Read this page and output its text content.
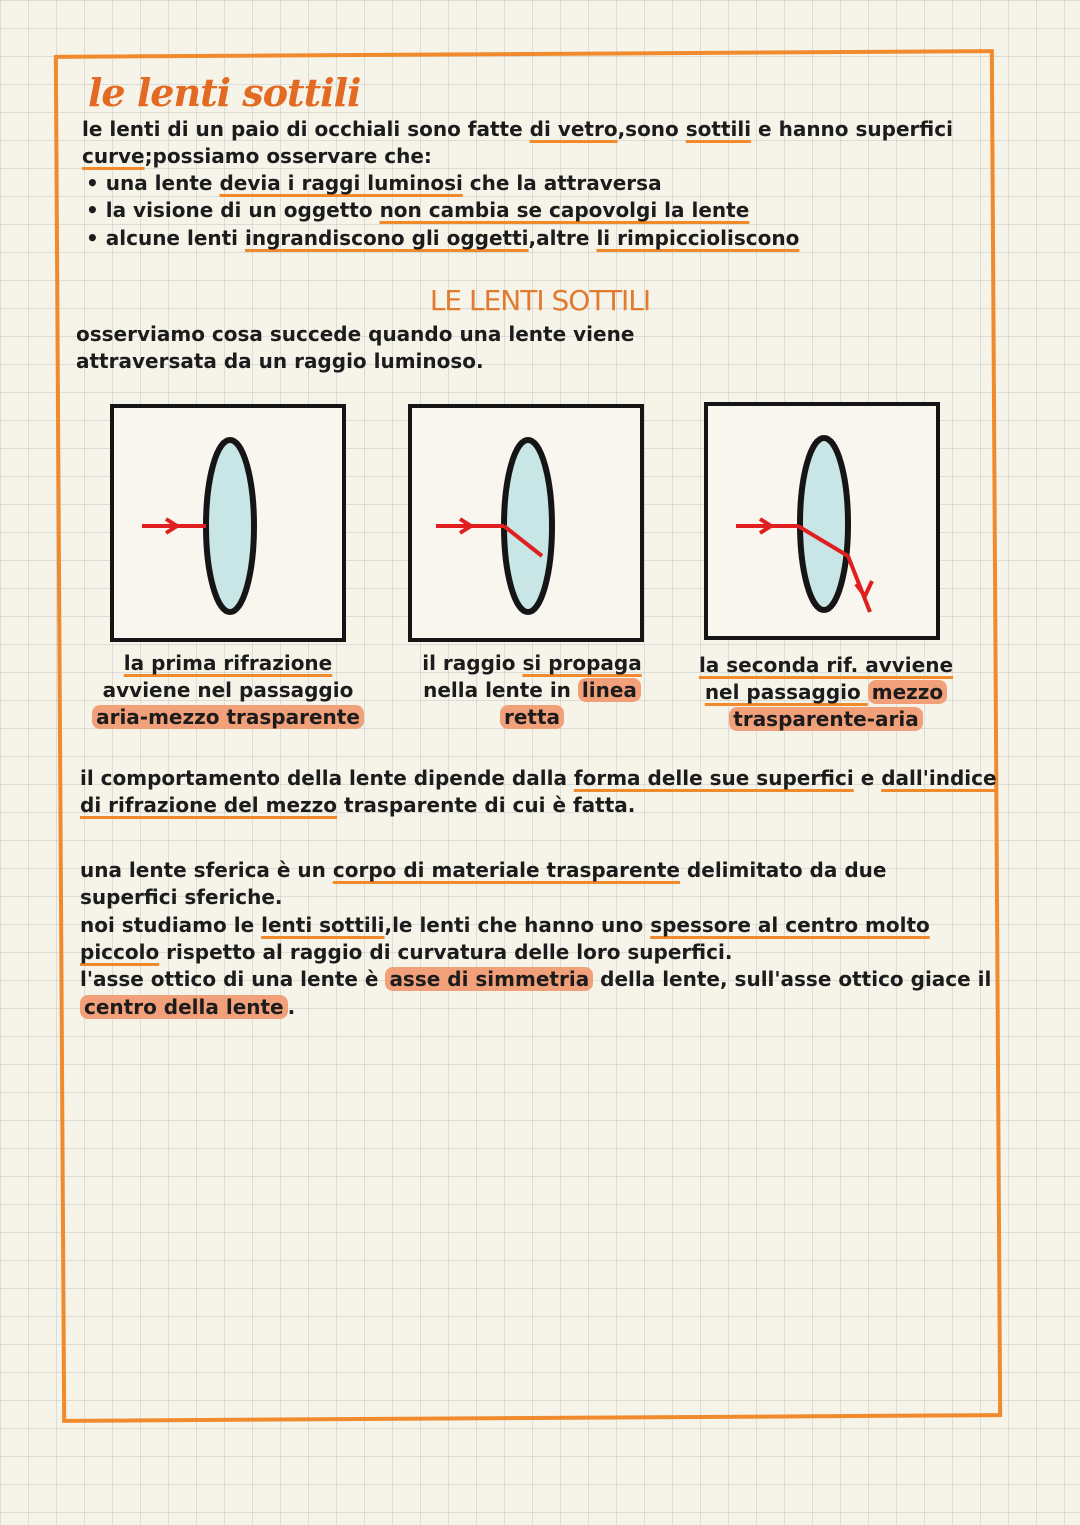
le lenti sottili
le lenti di un paio di occhiali sono fatte di vetro,sono sottili e hanno superfici
curve;possiamo osservare che:
• una lente devia i raggi luminosi che la attraversa
• la visione di un oggetto non cambia se capovolgi la lente
• alcune lenti ingrandiscono gli oggetti,altre li rimpiccioliscono
LE LENTI SOTTILI
osserviamo cosa succede quando una lente viene
attraversata da un raggio luminoso.
la prima rifrazione
avviene nel passaggio
aria-mezzo trasparente
il raggio si propaga
nella lente in linea
retta
la seconda rif. avviene
nel passaggio mezzo
trasparente-aria
il comportamento della lente dipende dalla forma delle sue superfici e dall'indice
di rifrazione del mezzo trasparente di cui è fatta.
una lente sferica è un corpo di materiale trasparente delimitato da due
superfici sferiche.
noi studiamo le lenti sottili,le lenti che hanno uno spessore al centro molto
piccolo rispetto al raggio di curvatura delle loro superfici.
l'asse ottico di una lente è asse di simmetria della lente, sull'asse ottico giace il
centro della lente .
